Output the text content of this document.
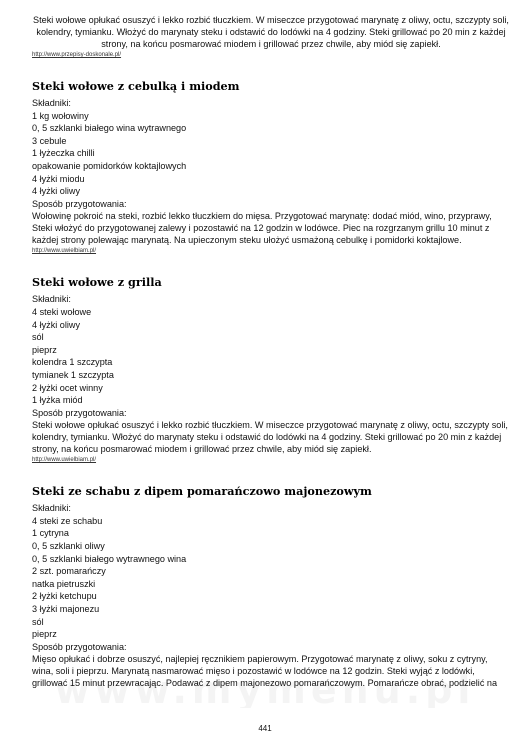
Steki wołowe opłukać osuszyć i lekko rozbić tłuczkiem. W miseczce przygotować marynatę z oliwy, octu, szczypty soli, kolendry, tymianku. Włożyć do marynaty steku i odstawić do lodówki na 4 godziny. Steki grillować po 20 min z każdej strony, na końcu posmarować miodem i grillować przez chwile, aby miód się zapiekł.

http://www.przepisy-doskonale.pl/
Steki wołowe z cebulką i miodem

Składniki:

1 kg wołowiny

0, 5 szklanki białego wina wytrawnego

3 cebule

1 łyżeczka chilli

opakowanie pomidorków koktajlowych

4 łyżki miodu

4 łyżki oliwy

Sposób przygotowania:

Wołowinę pokroić na steki, rozbić lekko tłuczkiem do mięsa. Przygotować marynatę: dodać miód, wino, przyprawy, Steki włożyć do przygotowanej zalewy i pozostawić na 12 godzin w lodówce. Piec na rozgrzanym grillu 10 minut z każdej strony polewając marynatą. Na upieczonym steku ułożyć usmażoną cebulkę i pomidorki koktajlowe.

http://www.uwielbiam.pl/
Steki wołowe z grilla

Składniki:

4 steki wołowe

4 łyżki oliwy

sól

pieprz

kolendra 1 szczypta

tymianek 1 szczypta

2 łyżki ocet winny

1 łyżka miód

Sposób przygotowania:

Steki wołowe opłukać osuszyć i lekko rozbić tłuczkiem. W miseczce przygotować marynatę z oliwy, octu, szczypty soli, kolendry, tymianku. Włożyć do marynaty steku i odstawić do lodówki na 4 godziny. Steki grillować po 20 min z każdej strony, na końcu posmarować miodem i grillować przez chwile, aby miód się zapiekł.

http://www.uwielbiam.pl/
Steki ze schabu z dipem pomarańczowo majonezowym

Składniki:

4 steki ze schabu

1 cytryna

0, 5 szklanki oliwy

0, 5 szklanki białego wytrawnego wina

2 szt. pomarańczy

natka pietruszki

2 łyżki ketchupu

3 łyżki majonezu

sól

pieprz

Sposób przygotowania:

Mięso opłukać i dobrze osuszyć, najlepiej ręcznikiem papierowym. Przygotować marynatę z oliwy, soku z cytryny, wina, soli i pieprzu. Marynatą nasmarować mięso i pozostawić w lodówce na 12 godzin. Steki wyjąć z lodówki, grillować 15 minut przewracając. Podawać z dipem majonezowo pomarańczowym. Pomarańcze obrać, podzielić na

441
